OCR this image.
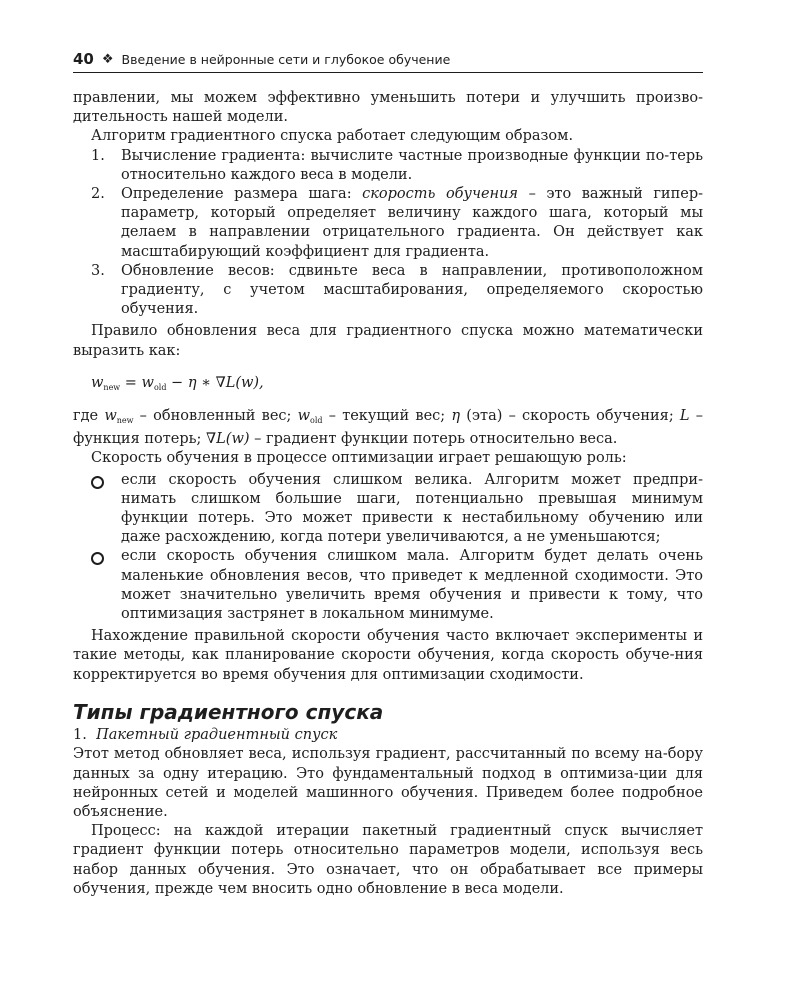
40 ❖ Введение в нейронные сети и глубокое обучение

правлении, мы можем эффективно уменьшить потери и улучшить произво-дительность нашей модели.

Алгоритм градиентного спуска работает следующим образом.

1. Вычисление градиента: вычислите частные производные функции по-терь относительно каждого веса в модели.
2. Определение размера шага: скорость обучения – это важный гипер-параметр, который определяет величину каждого шага, который мы делаем в направлении отрицательного градиента. Он действует как масштабирующий коэффициент для градиента.
3. Обновление весов: сдвиньте веса в направлении, противоположном градиенту, с учетом масштабирования, определяемого скоростью обучения.

Правило обновления веса для градиентного спуска можно математически выразить как:

$w_{new} = w_{old} - \eta$ ∗ ∇L(w),

где $w_{new}$ – обновленный вес; $w_{old}$ – текущий вес; η (эта) – скорость обучения; L – функция потерь; ∇L(w) – градиент функции потерь относительно веса.

Скорость обучения в процессе оптимизации играет решающую роль:

если скорость обучения слишком велика. Алгоритм может предпри-нимать слишком большие шаги, потенциально превышая минимум функции потерь. Это может привести к нестабильному обучению или даже расхождению, когда потери увеличиваются, а не уменьшаются;
если скорость обучения слишком мала. Алгоритм будет делать очень маленькие обновления весов, что приведет к медленной сходимости. Это может значительно увеличить время обучения и привести к тому, что оптимизация застрянет в локальном минимуме.

Нахождение правильной скорости обучения часто включает эксперименты и такие методы, как планирование скорости обучения, когда скорость обуче-ния корректируется во время обучения для оптимизации сходимости.

Типы градиентного спуска

1. Пакетный градиентный спуск

Этот метод обновляет веса, используя градиент, рассчитанный по всему на-бору данных за одну итерацию. Это фундаментальный подход в оптимиза-ции для нейронных сетей и моделей машинного обучения. Приведем более подробное объяснение.

Процесс: на каждой итерации пакетный градиентный спуск вычисляет градиент функции потерь относительно параметров модели, используя весь набор данных обучения. Это означает, что он обрабатывает все примеры обучения, прежде чем вносить одно обновление в веса модели.
